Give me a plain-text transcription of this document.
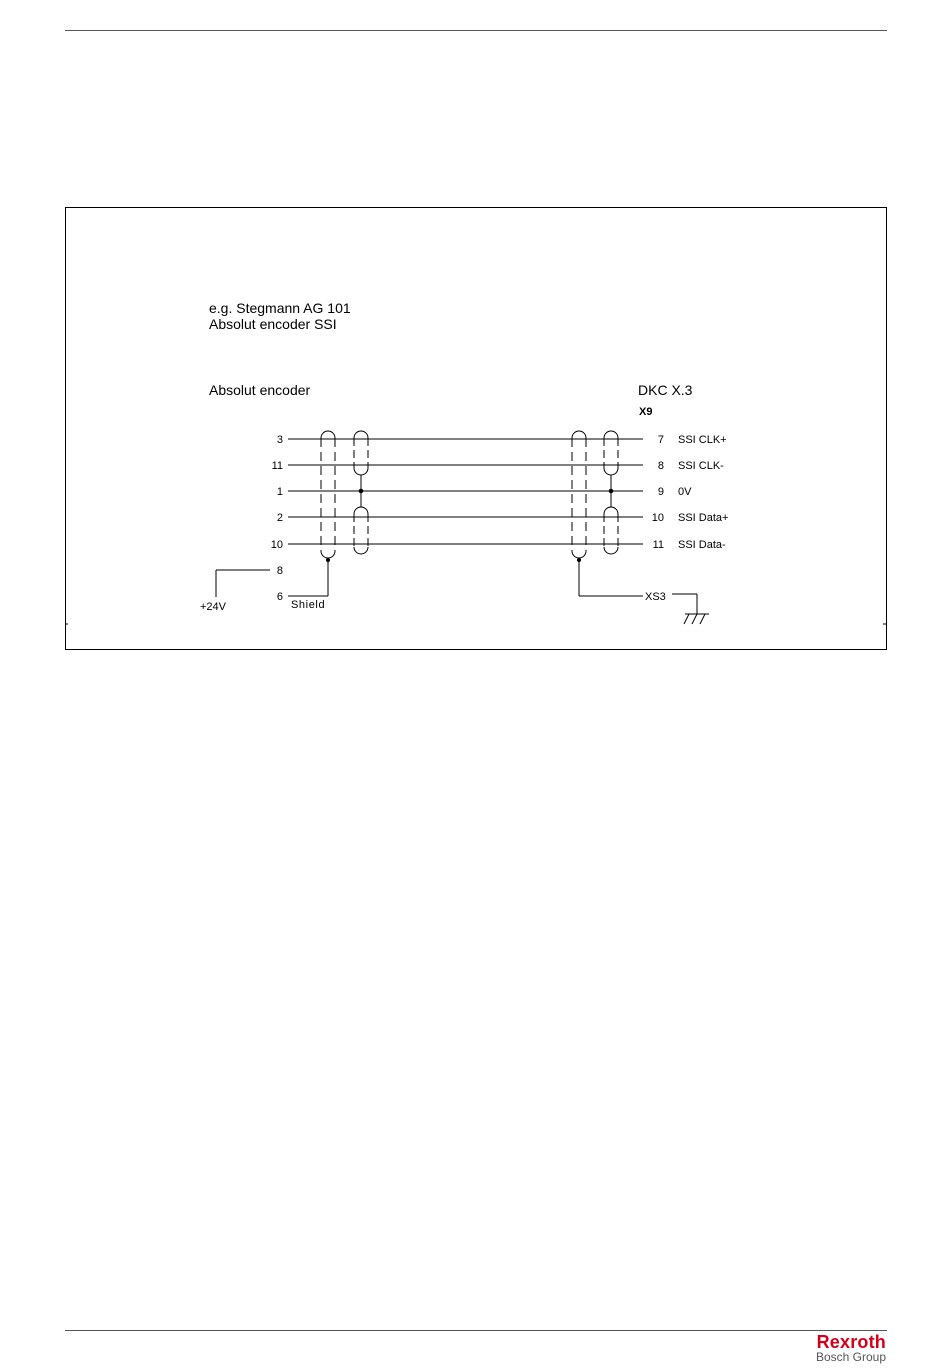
e.g. Stegmann AG 101
Absolut encoder SSI
Absolut encoder	DKC X.3
X9
3	7 SSI CLK+
11	8 SSI CLK-
1	9 0V
2	10 SSI Data+
10	11 SSI Data-
XS3
+24V
8
6
Shield
Rexroth
Bosch Group
